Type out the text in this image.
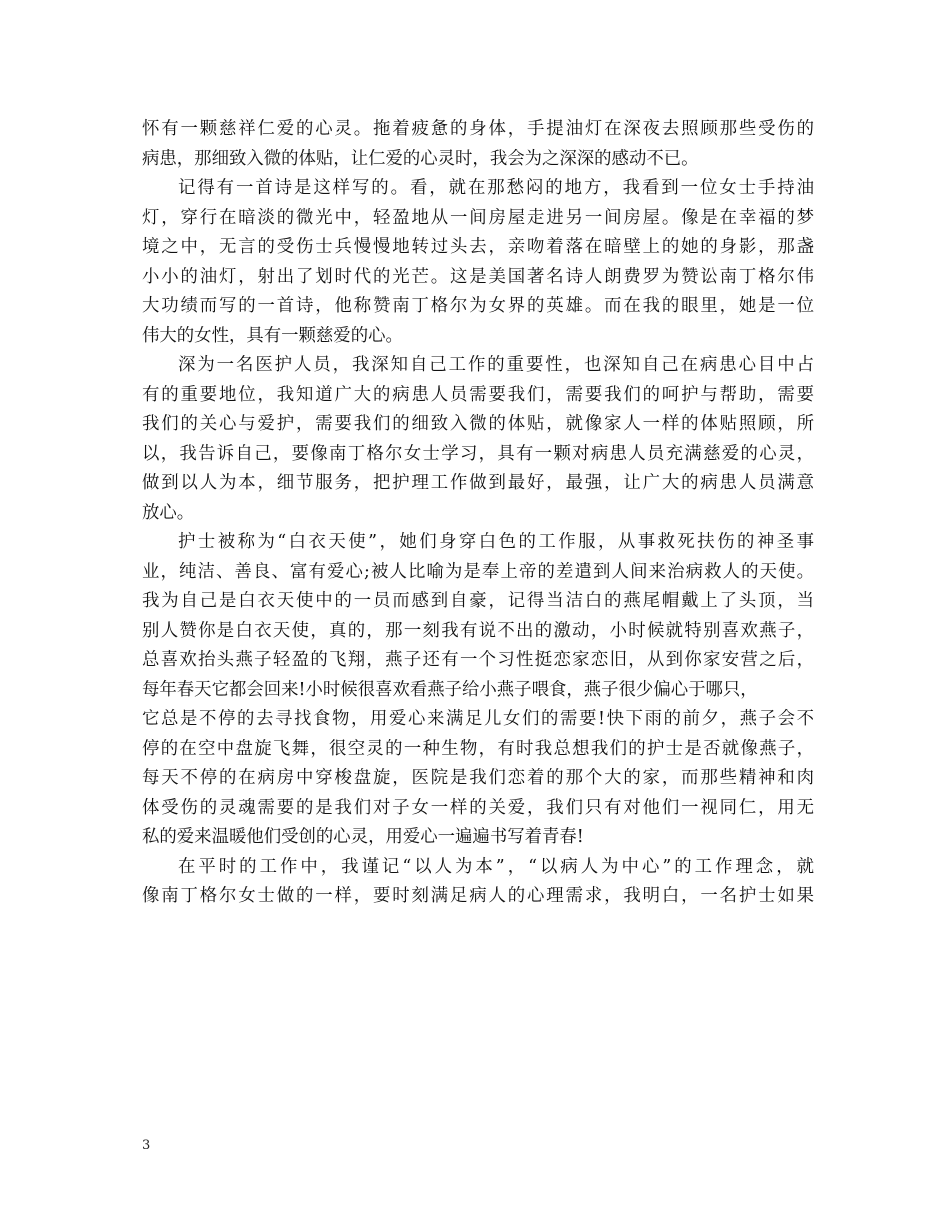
怀有一颗慈祥仁爱的心灵。拖着疲惫的身体，手提油灯在深夜去照顾那些受伤的
病患，那细致入微的体贴，让仁爱的心灵时，我会为之深深的感动不已。
记得有一首诗是这样写的。看，就在那愁闷的地方，我看到一位女士手持油
灯，穿行在暗淡的微光中，轻盈地从一间房屋走进另一间房屋。像是在幸福的梦
境之中，无言的受伤士兵慢慢地转过头去，亲吻着落在暗壁上的她的身影，那盏
小小的油灯，射出了划时代的光芒。这是美国著名诗人朗费罗为赞讼南丁格尔伟
大功绩而写的一首诗，他称赞南丁格尔为女界的英雄。而在我的眼里，她是一位
伟大的女性，具有一颗慈爱的心。
深为一名医护人员，我深知自己工作的重要性，也深知自己在病患心目中占
有的重要地位，我知道广大的病患人员需要我们，需要我们的呵护与帮助，需要
我们的关心与爱护，需要我们的细致入微的体贴，就像家人一样的体贴照顾，所
以，我告诉自己，要像南丁格尔女士学习，具有一颗对病患人员充满慈爱的心灵，
做到以人为本，细节服务，把护理工作做到最好，最强，让广大的病患人员满意
放心。
护士被称为“白衣天使”，她们身穿白色的工作服，从事救死扶伤的神圣事
业，纯洁、善良、富有爱心;被人比喻为是奉上帝的差遣到人间来治病救人的天使。
我为自己是白衣天使中的一员而感到自豪，记得当洁白的燕尾帽戴上了头顶，当
别人赞你是白衣天使，真的，那一刻我有说不出的激动，小时候就特别喜欢燕子，
总喜欢抬头燕子轻盈的飞翔，燕子还有一个习性挺恋家恋旧，从到你家安营之后，
每年春天它都会回来!小时候很喜欢看燕子给小燕子喂食，燕子很少偏心于哪只，
它总是不停的去寻找食物，用爱心来满足儿女们的需要!快下雨的前夕，燕子会不
停的在空中盘旋飞舞，很空灵的一种生物，有时我总想我们的护士是否就像燕子，
每天不停的在病房中穿梭盘旋，医院是我们恋着的那个大的家，而那些精神和肉
体受伤的灵魂需要的是我们对子女一样的关爱，我们只有对他们一视同仁，用无
私的爱来温暖他们受创的心灵，用爱心一遍遍书写着青春!
在平时的工作中，我谨记“以人为本”，“以病人为中心”的工作理念，就
像南丁格尔女士做的一样，要时刻满足病人的心理需求，我明白，一名护士如果
3
